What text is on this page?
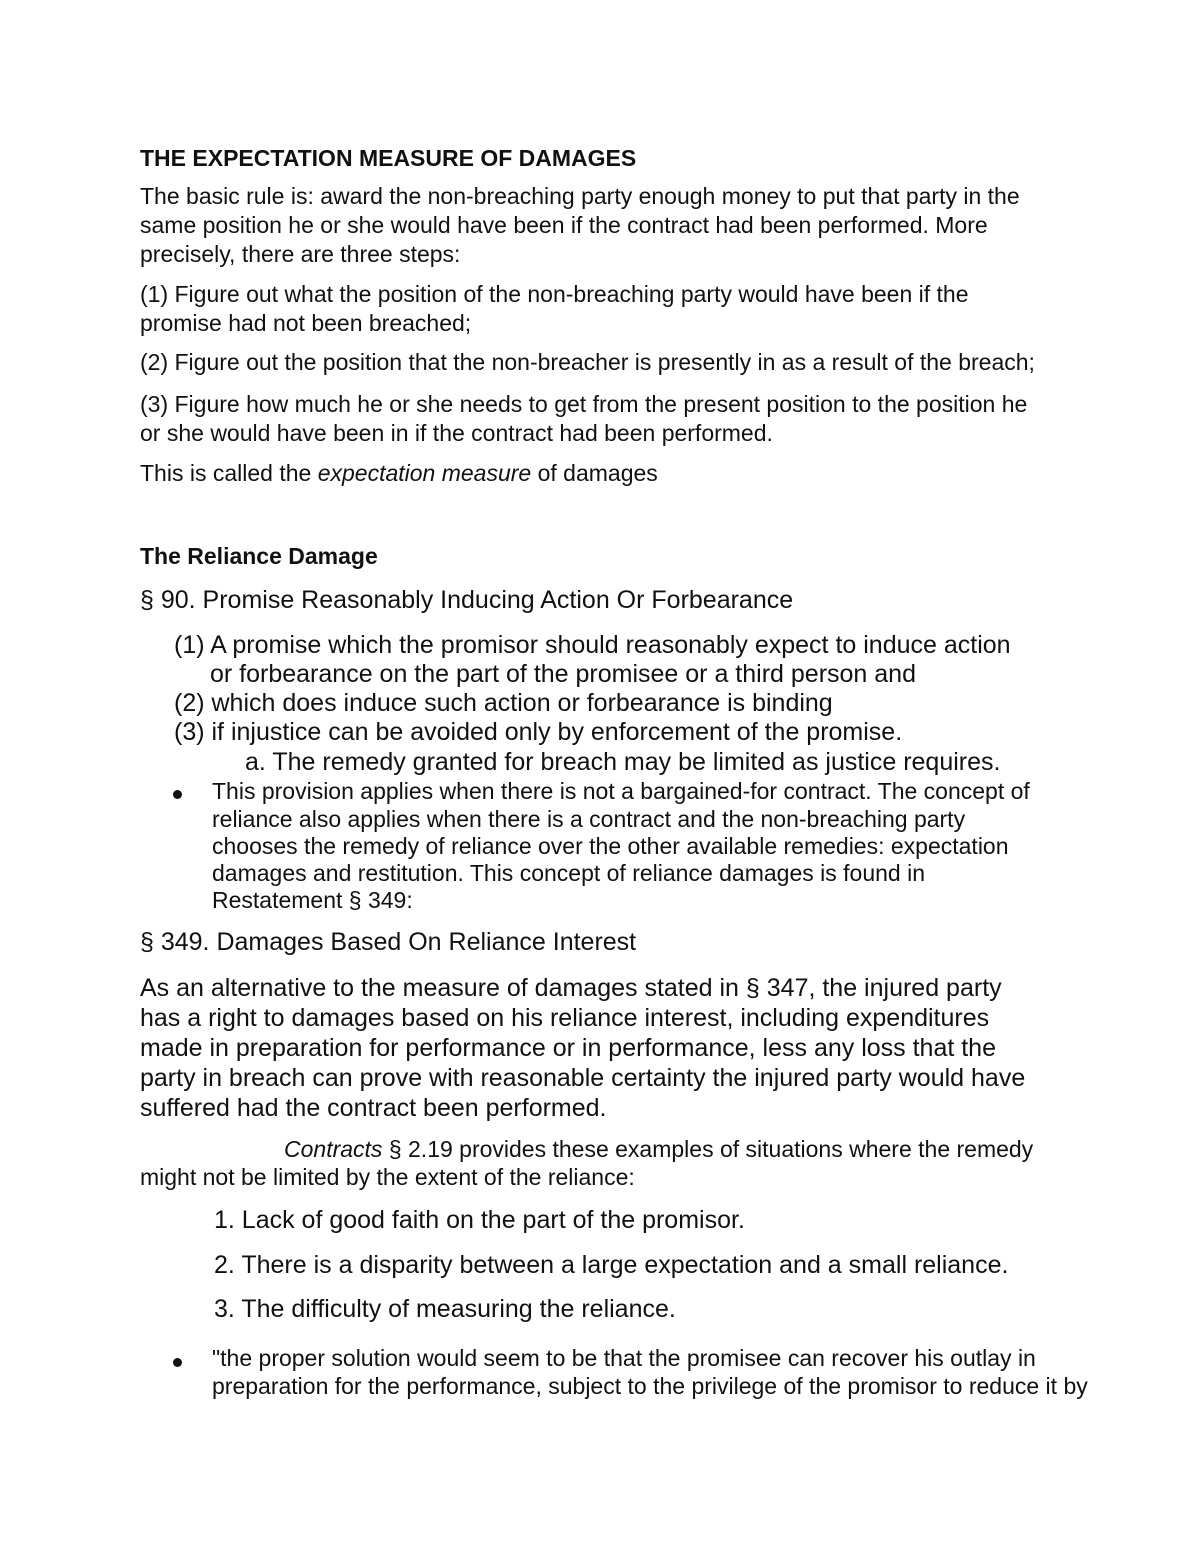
THE EXPECTATION MEASURE OF DAMAGES

The basic rule is: award the non-breaching party enough money to put that party in the

same position he or she would have been if the contract had been performed. More

precisely, there are three steps:

(1) Figure out what the position of the non-breaching party would have been if the

promise had not been breached;

(2) Figure out the position that the non-breacher is presently in as a result of the breach;

(3) Figure how much he or she needs to get from the present position to the position he

or she would have been in if the contract had been performed.

This is called the expectation measure of damages

The Reliance Damage

§ 90. Promise Reasonably Inducing Action Or Forbearance

(1) A promise which the promisor should reasonably expect to induce action

or forbearance on the part of the promisee or a third person and

(2) which does induce such action or forbearance is binding

(3) if injustice can be avoided only by enforcement of the promise.

a. The remedy granted for breach may be limited as justice requires.

This provision applies when there is not a bargained-for contract. The concept of

reliance also applies when there is a contract and the non-breaching party

chooses the remedy of reliance over the other available remedies: expectation

damages and restitution. This concept of reliance damages is found in

Restatement § 349:

§ 349. Damages Based On Reliance Interest

As an alternative to the measure of damages stated in § 347, the injured party

has a right to damages based on his reliance interest, including expenditures

made in preparation for performance or in performance, less any loss that the

party in breach can prove with reasonable certainty the injured party would have

suffered had the contract been performed.

Contracts § 2.19 provides these examples of situations where the remedy

might not be limited by the extent of the reliance:

1. Lack of good faith on the part of the promisor.

2. There is a disparity between a large expectation and a small reliance.

3. The difficulty of measuring the reliance.

"the proper solution would seem to be that the promisee can recover his outlay in

preparation for the performance, subject to the privilege of the promisor to reduce it by
